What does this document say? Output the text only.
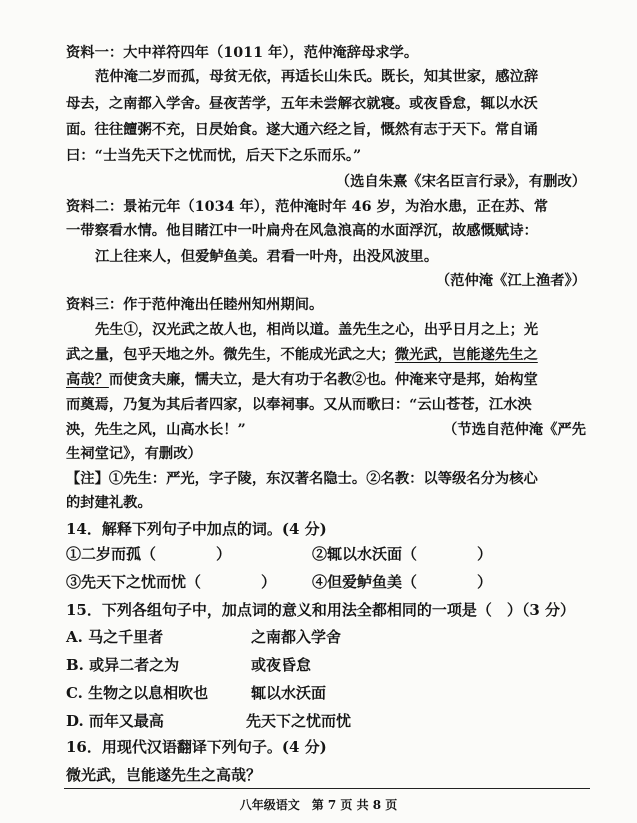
资料一：大中祥符四年（1011 年），范仲淹辞母求学。
范仲淹二岁而孤，母贫无依，再适长山朱氏。既长，知其世家，感泣辞
母去，之南都入学舍。昼夜苦学，五年未尝解衣就寝。或夜昏怠，辄以水沃
面。往往饘粥不充，日昃始食。遂大通六经之旨，慨然有志于天下。常自诵
曰：“士当先天下之忧而忧，后天下之乐而乐。”
（选自朱熹《宋名臣言行录》，有删改）
资料二：景祐元年（1034 年），范仲淹时年 46 岁，为治水患，正在苏、常
一带察看水情。他目睹江中一叶扁舟在风急浪高的水面浮沉，故感慨赋诗：
江上往来人，但爱鲈鱼美。君看一叶舟，出没风波里。
（范仲淹《江上渔者》）
资料三：作于范仲淹出任睦州知州期间。
先生①，汉光武之故人也，相尚以道。盖先生之心，出乎日月之上；光
武之量，包乎天地之外。微先生，不能成光武之大；微光武，岂能遂先生之
高哉？而使贪夫廉，懦夫立，是大有功于名教②也。仲淹来守是邦，始构堂
而奠焉，乃复为其后者四家，以奉祠事。又从而歌曰：“云山苍苍，江水泱
泱，先生之风，山高水长！”	（节选自范仲淹《严先
生祠堂记》，有删改）
【注】①先生：严光，字子陵，东汉著名隐士。②名教：以等级名分为核心
的封建礼教。
14．解释下列句子中加点的词。(4 分)
①二岁而孤（　　　　）	②辄以水沃面（　　　　）
③先天下之忧而忧（　　　　）	④但爱鲈鱼美（　　　　）
15．下列各组句子中，加点词的意义和用法全都相同的一项是（　）（3 分）
A. 马之千里者	之南都入学舍
B. 或异二者之为	或夜昏怠
C. 生物之以息相吹也	辄以水沃面
D. 而年又最高	先天下之忧而忧
16．用现代汉语翻译下列句子。(4 分)
微光武，岂能遂先生之高哉？
八年级语文　第 7 页 共 8 页
